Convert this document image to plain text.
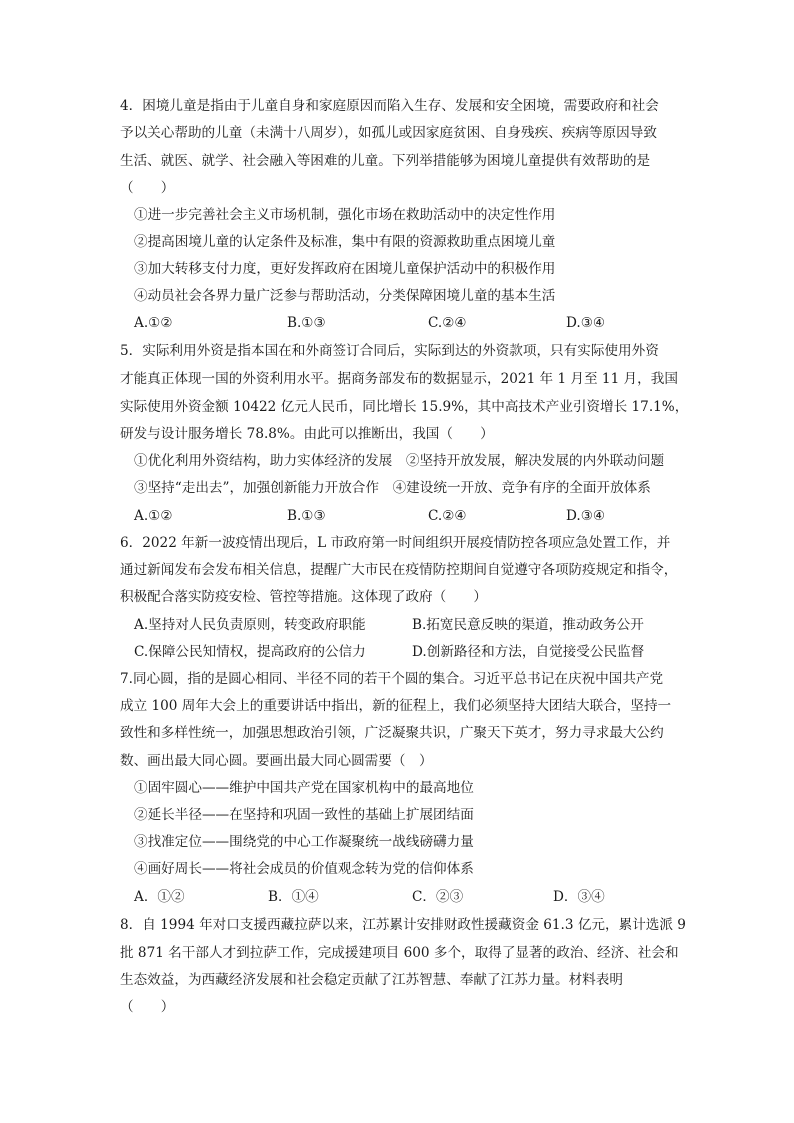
4．困境儿童是指由于儿童自身和家庭原因而陷入生存、发展和安全困境，需要政府和社会
予以关心帮助的儿童（未满十八周岁），如孤儿或因家庭贫困、自身残疾、疾病等原因导致
生活、就医、就学、社会融入等困难的儿童。下列举措能够为困境儿童提供有效帮助的是
（　　）
①进一步完善社会主义市场机制，强化市场在救助活动中的决定性作用
②提高困境儿童的认定条件及标准，集中有限的资源救助重点困境儿童
③加大转移支付力度，更好发挥政府在困境儿童保护活动中的积极作用
④动员社会各界力量广泛参与帮助活动，分类保障困境儿童的基本生活
A.①②	B.①③	C.②④	D.③④
5．实际利用外资是指本国在和外商签订合同后，实际到达的外资款项，只有实际使用外资
才能真正体现一国的外资利用水平。据商务部发布的数据显示，2021 年 1 月至 11 月，我国
实际使用外资金额 10422 亿元人民币，同比增长 15.9%，其中高技术产业引资增长 17.1%，
研发与设计服务增长 78.8%。由此可以推断出，我国（　　）
①优化利用外资结构，助力实体经济的发展　②坚持开放发展，解决发展的内外联动问题
③坚持“走出去”，加强创新能力开放合作　④建设统一开放、竞争有序的全面开放体系
A.①②	B.①③	C.②④	D.③④
6．2022 年新一波疫情出现后，L 市政府第一时间组织开展疫情防控各项应急处置工作，并
通过新闻发布会发布相关信息，提醒广大市民在疫情防控期间自觉遵守各项防疫规定和指令，
积极配合落实防疫安检、管控等措施。这体现了政府（　　）
A.坚持对人民负责原则，转变政府职能	B.拓宽民意反映的渠道，推动政务公开
C.保障公民知情权，提高政府的公信力	D.创新路径和方法，自觉接受公民监督
7.同心圆，指的是圆心相同、半径不同的若干个圆的集合。习近平总书记在庆祝中国共产党
成立 100 周年大会上的重要讲话中指出，新的征程上，我们必须坚持大团结大联合，坚持一
致性和多样性统一，加强思想政治引领，广泛凝聚共识，广聚天下英才，努力寻求最大公约
数、画出最大同心圆。要画出最大同心圆需要（　）
①固牢圆心——维护中国共产党在国家机构中的最高地位
②延长半径——在坚持和巩固一致性的基础上扩展团结面
③找准定位——围绕党的中心工作凝聚统一战线磅礴力量
④画好周长——将社会成员的价值观念转为党的信仰体系
A．①②	B．①④	C．②③	D．③④
8．自 1994 年对口支援西藏拉萨以来，江苏累计安排财政性援藏资金 61.3 亿元，累计选派 9
批 871 名干部人才到拉萨工作，完成援建项目 600 多个，取得了显著的政治、经济、社会和
生态效益，为西藏经济发展和社会稳定贡献了江苏智慧、奉献了江苏力量。材料表明
（　　）
